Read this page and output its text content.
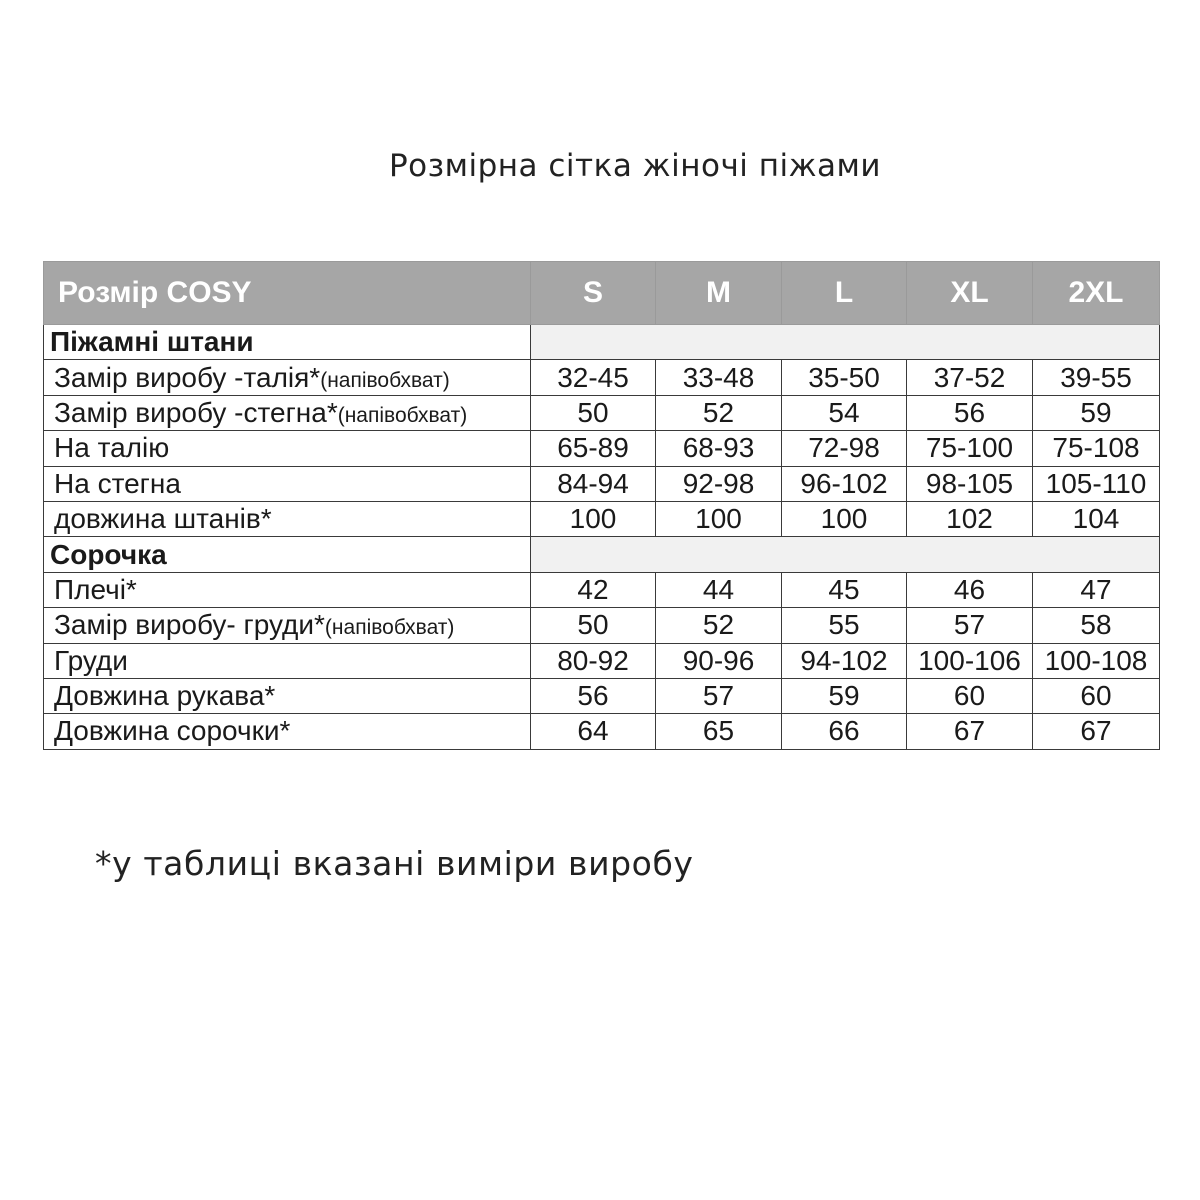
Розмірна сітка жіночі піжами
Розмір COSY	S	M	L	XL	2XL
Піжамні штани					
Замір виробу -талія*(напівобхват)	32-45	33-48	35-50	37-52	39-55
Замір виробу -стегна*(напівобхват)	50	52	54	56	59
На талію	65-89	68-93	72-98	75-100	75-108
На стегна	84-94	92-98	96-102	98-105	105-110
довжина штанів*	100	100	100	102	104
Сорочка					
Плечі*	42	44	45	46	47
Замір виробу- груди*(напівобхват)	50	52	55	57	58
Груди	80-92	90-96	94-102	100-106	100-108
Довжина рукава*	56	57	59	60	60
Довжина сорочки*	64	65	66	67	67
*у таблиці вказані виміри виробу
